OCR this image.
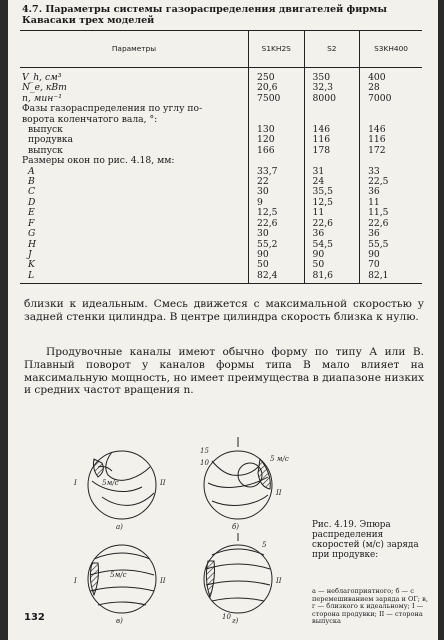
4.7. Параметры системы газораспределения двигателей фирмы
Кавасаки трех моделей
Параметры	S1KH2S	S2	S3KH400
V_h, см³	250	350	400
N_e, кВт	20,6	32,3	28
n, мин⁻¹	7500	8000	7000
Фазы газораспределения по углу по-			
ворота коленчатого вала, °:			
выпуск	130	146	146
продувка	120	116	116
выпуск	166	178	172
Размеры окон по рис. 4.18, мм:			
A	33,7	31	33
B	22	24	22,5
C	30	35,5	36
D	9	12,5	11
E	12,5	11	11,5
F	22,6	22,6	22,6
G	30	36	36
H	55,2	54,5	55,5
J	90	90	90
K	50	50	70
L	82,4	81,6	82,1
близки к идеальным. Смесь движется с максимальной скоростью у задней стенки цилиндра. В центре цилиндра скорость близка к нулю.
Продувочные каналы имеют обычно форму по типу А или В. Плавный поворот у каналов формы типа В мало влияет на максимальную мощность, но имеет преимущества в диапазоне низких и средних частот вращения n.
5м/с
5м/с
5 м/с
15
10
I	II
II
I	II	II
5
10
в)
б)
а)
г)
Рис. 4.19. Эпюра распределения скоростей (м/с) заряда при продувке:
а — неблагоприятного; б — с перемешиванием заряда и ОГ; в, г — близкого к идеальному; I — сторона продувки; II — сторона выпуска
132
